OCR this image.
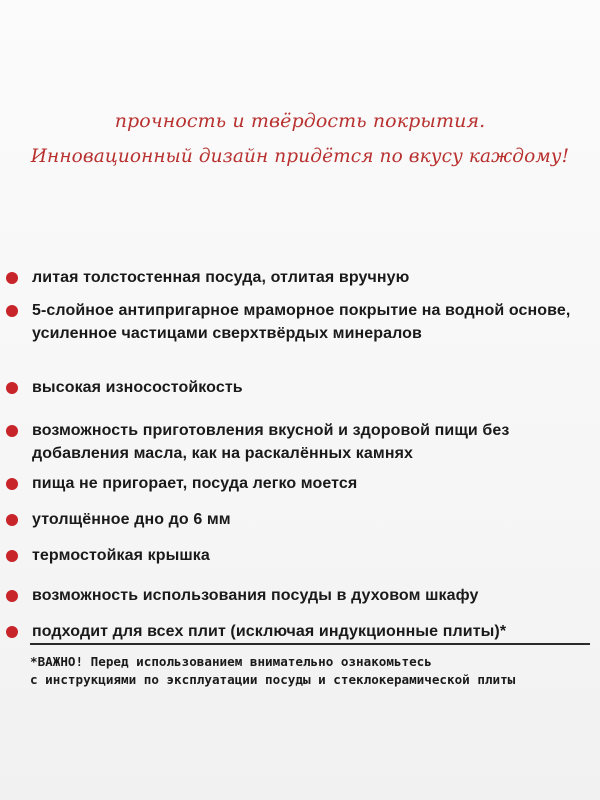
прочность и твёрдость покрытия.
Инновационный дизайн придётся по вкусу каждому!
литая толстостенная посуда, отлитая вручную
5-слойное антипригарное мраморное покрытие на водной основе, усиленное частицами сверхтвёрдых минералов
высокая износостойкость
возможность приготовления вкусной и здоровой пищи без добавления масла, как на раскалённых камнях
пища не пригорает, посуда легко моется
утолщённое дно до 6 мм
термостойкая крышка
возможность использования посуды в духовом шкафу
подходит для всех плит (исключая индукционные плиты)*
*ВАЖНО! Перед использованием внимательно ознакомьтесь
с инструкциями по эксплуатации посуды и стеклокерамической плиты
